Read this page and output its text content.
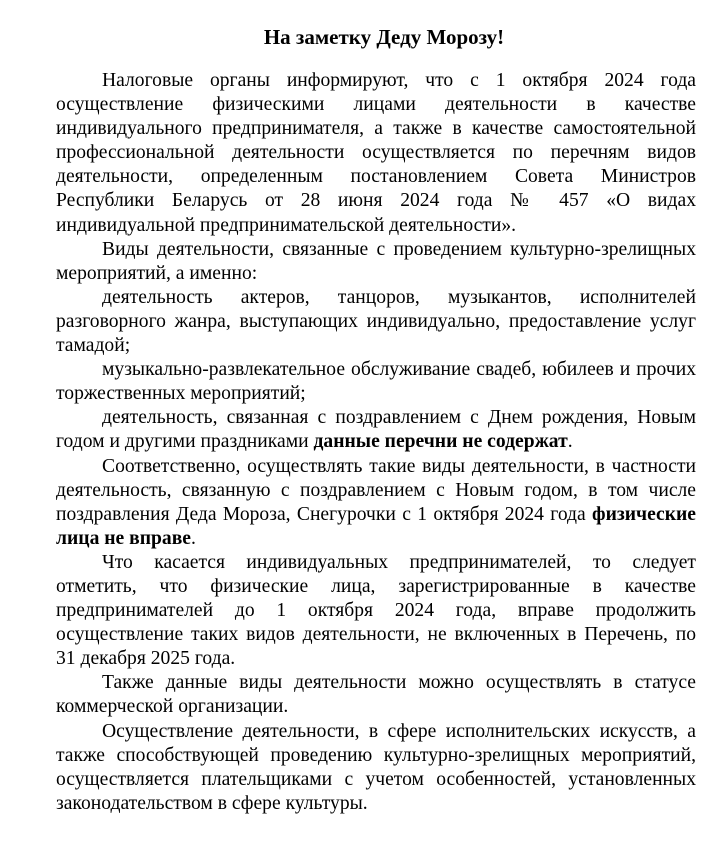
На заметку Деду Морозу!

Налоговые органы информируют, что с 1 октября 2024 года осуществление физическими лицами деятельности в качестве индивидуального предпринимателя, а также в качестве самостоятельной профессиональной деятельности осуществляется по перечням видов деятельности, определенным постановлением Совета Министров Республики Беларусь от 28 июня 2024 года № 457 «О видах индивидуальной предпринимательской деятельности».

Виды деятельности, связанные с проведением культурно-зрелищных мероприятий, а именно:

деятельность актеров, танцоров, музыкантов, исполнителей разговорного жанра, выступающих индивидуально, предоставление услуг тамадой;

музыкально-развлекательное обслуживание свадеб, юбилеев и прочих торжественных мероприятий;

деятельность, связанная с поздравлением с Днем рождения, Новым годом и другими праздниками данные перечни не содержат.

Соответственно, осуществлять такие виды деятельности, в частности деятельность, связанную с поздравлением с Новым годом, в том числе поздравления Деда Мороза, Снегурочки с 1 октября 2024 года физические лица не вправе.

Что касается индивидуальных предпринимателей, то следует отметить, что физические лица, зарегистрированные в качестве предпринимателей до 1 октября 2024 года, вправе продолжить осуществление таких видов деятельности, не включенных в Перечень, по 31 декабря 2025 года.

Также данные виды деятельности можно осуществлять в статусе коммерческой организации.

Осуществление деятельности, в сфере исполнительских искусств, а также способствующей проведению культурно-зрелищных мероприятий, осуществляется плательщиками с учетом особенностей, установленных законодательством в сфере культуры.
